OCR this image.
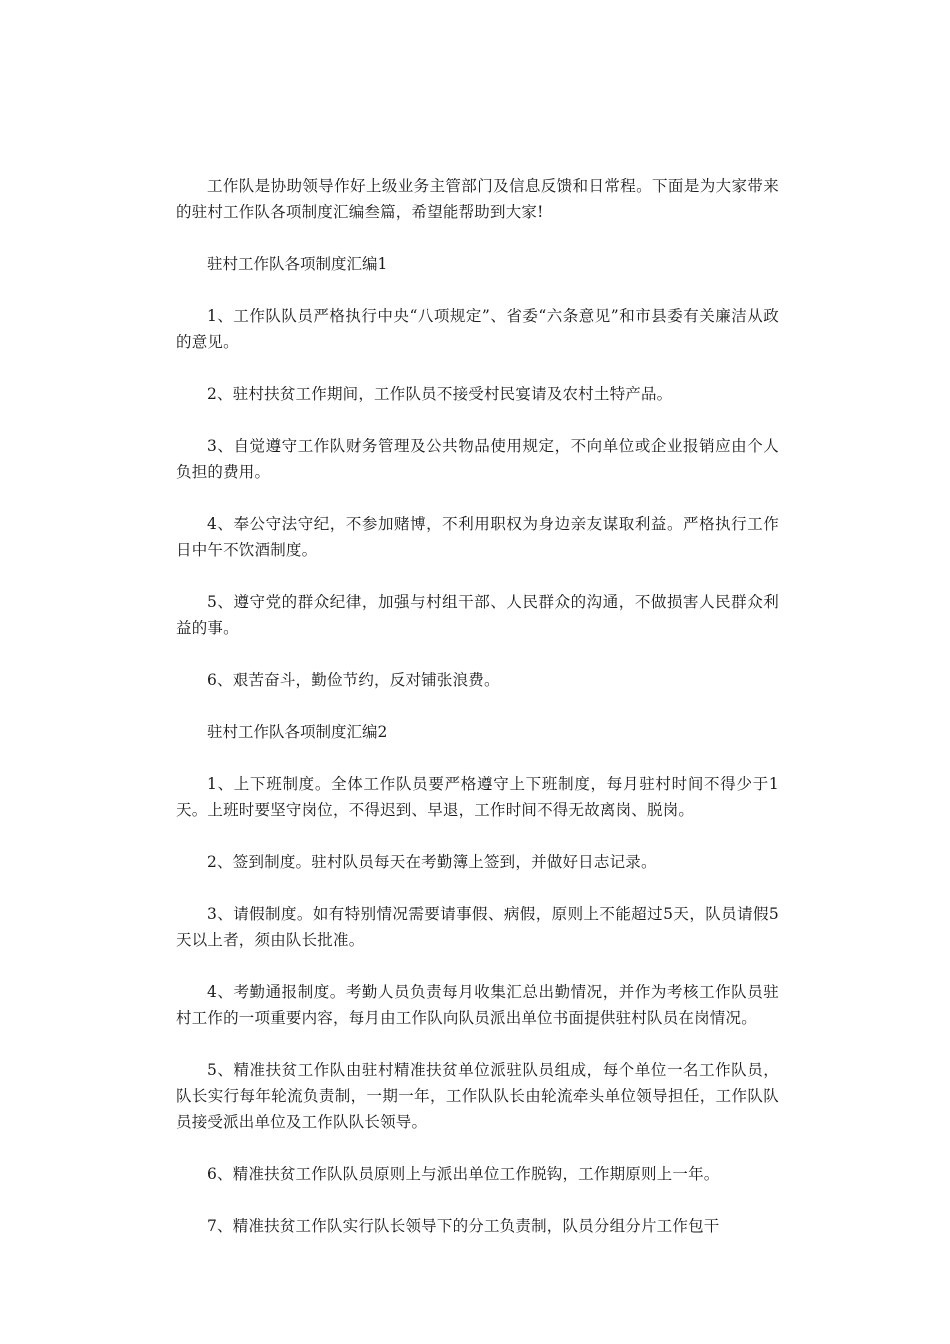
工作队是协助领导作好上级业务主管部门及信息反馈和日常程。下面是为大家带来的驻村工作队各项制度汇编叁篇，希望能帮助到大家!

驻村工作队各项制度汇编1

1、工作队队员严格执行中央“八项规定”、省委“六条意见”和市县委有关廉洁从政的意见。

2、驻村扶贫工作期间，工作队员不接受村民宴请及农村土特产品。

3、自觉遵守工作队财务管理及公共物品使用规定，不向单位或企业报销应由个人负担的费用。

4、奉公守法守纪，不参加赌博，不利用职权为身边亲友谋取利益。严格执行工作日中午不饮酒制度。

5、遵守党的群众纪律，加强与村组干部、人民群众的沟通，不做损害人民群众利益的事。

6、艰苦奋斗，勤俭节约，反对铺张浪费。

驻村工作队各项制度汇编2

1、上下班制度。全体工作队员要严格遵守上下班制度，每月驻村时间不得少于1天。上班时要坚守岗位，不得迟到、早退，工作时间不得无故离岗、脱岗。

2、签到制度。驻村队员每天在考勤簿上签到，并做好日志记录。

3、请假制度。如有特别情况需要请事假、病假，原则上不能超过5天，队员请假5天以上者，须由队长批准。

4、考勤通报制度。考勤人员负责每月收集汇总出勤情况，并作为考核工作队员驻村工作的一项重要内容，每月由工作队向队员派出单位书面提供驻村队员在岗情况。

5、精准扶贫工作队由驻村精准扶贫单位派驻队员组成，每个单位一名工作队员，队长实行每年轮流负责制，一期一年，工作队队长由轮流牵头单位领导担任，工作队队员接受派出单位及工作队队长领导。

6、精准扶贫工作队队员原则上与派出单位工作脱钩，工作期原则上一年。

7、精准扶贫工作队实行队长领导下的分工负责制，队员分组分片工作包干
